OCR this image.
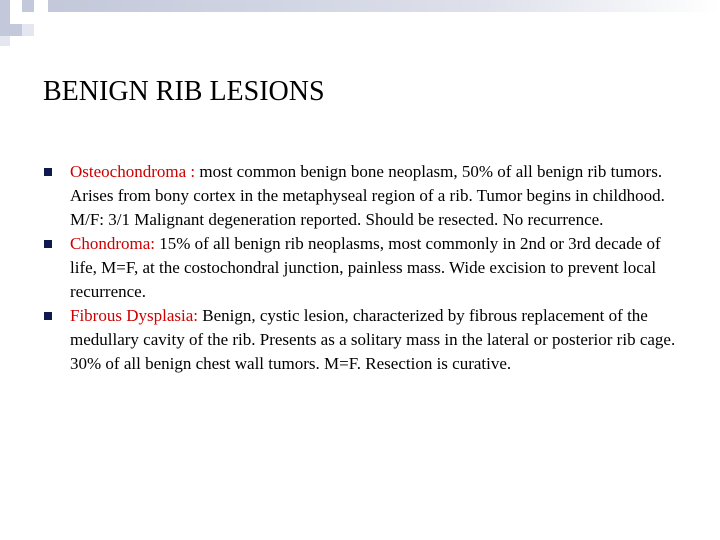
BENIGN RIB LESIONS
Osteochondroma : most common benign bone neoplasm, 50% of all benign rib tumors. Arises from bony cortex in the metaphyseal region of a rib. Tumor begins in childhood. M/F: 3/1 Malignant degeneration reported. Should be resected. No recurrence.
Chondroma: 15% of all benign rib neoplasms, most commonly in 2nd or 3rd decade of life, M=F, at the costochondral junction, painless mass. Wide excision to prevent local recurrence.
Fibrous Dysplasia: Benign, cystic lesion, characterized by fibrous replacement of the medullary cavity of the rib. Presents as a solitary mass in the lateral or posterior rib cage. 30% of all benign chest wall tumors. M=F. Resection is curative.
